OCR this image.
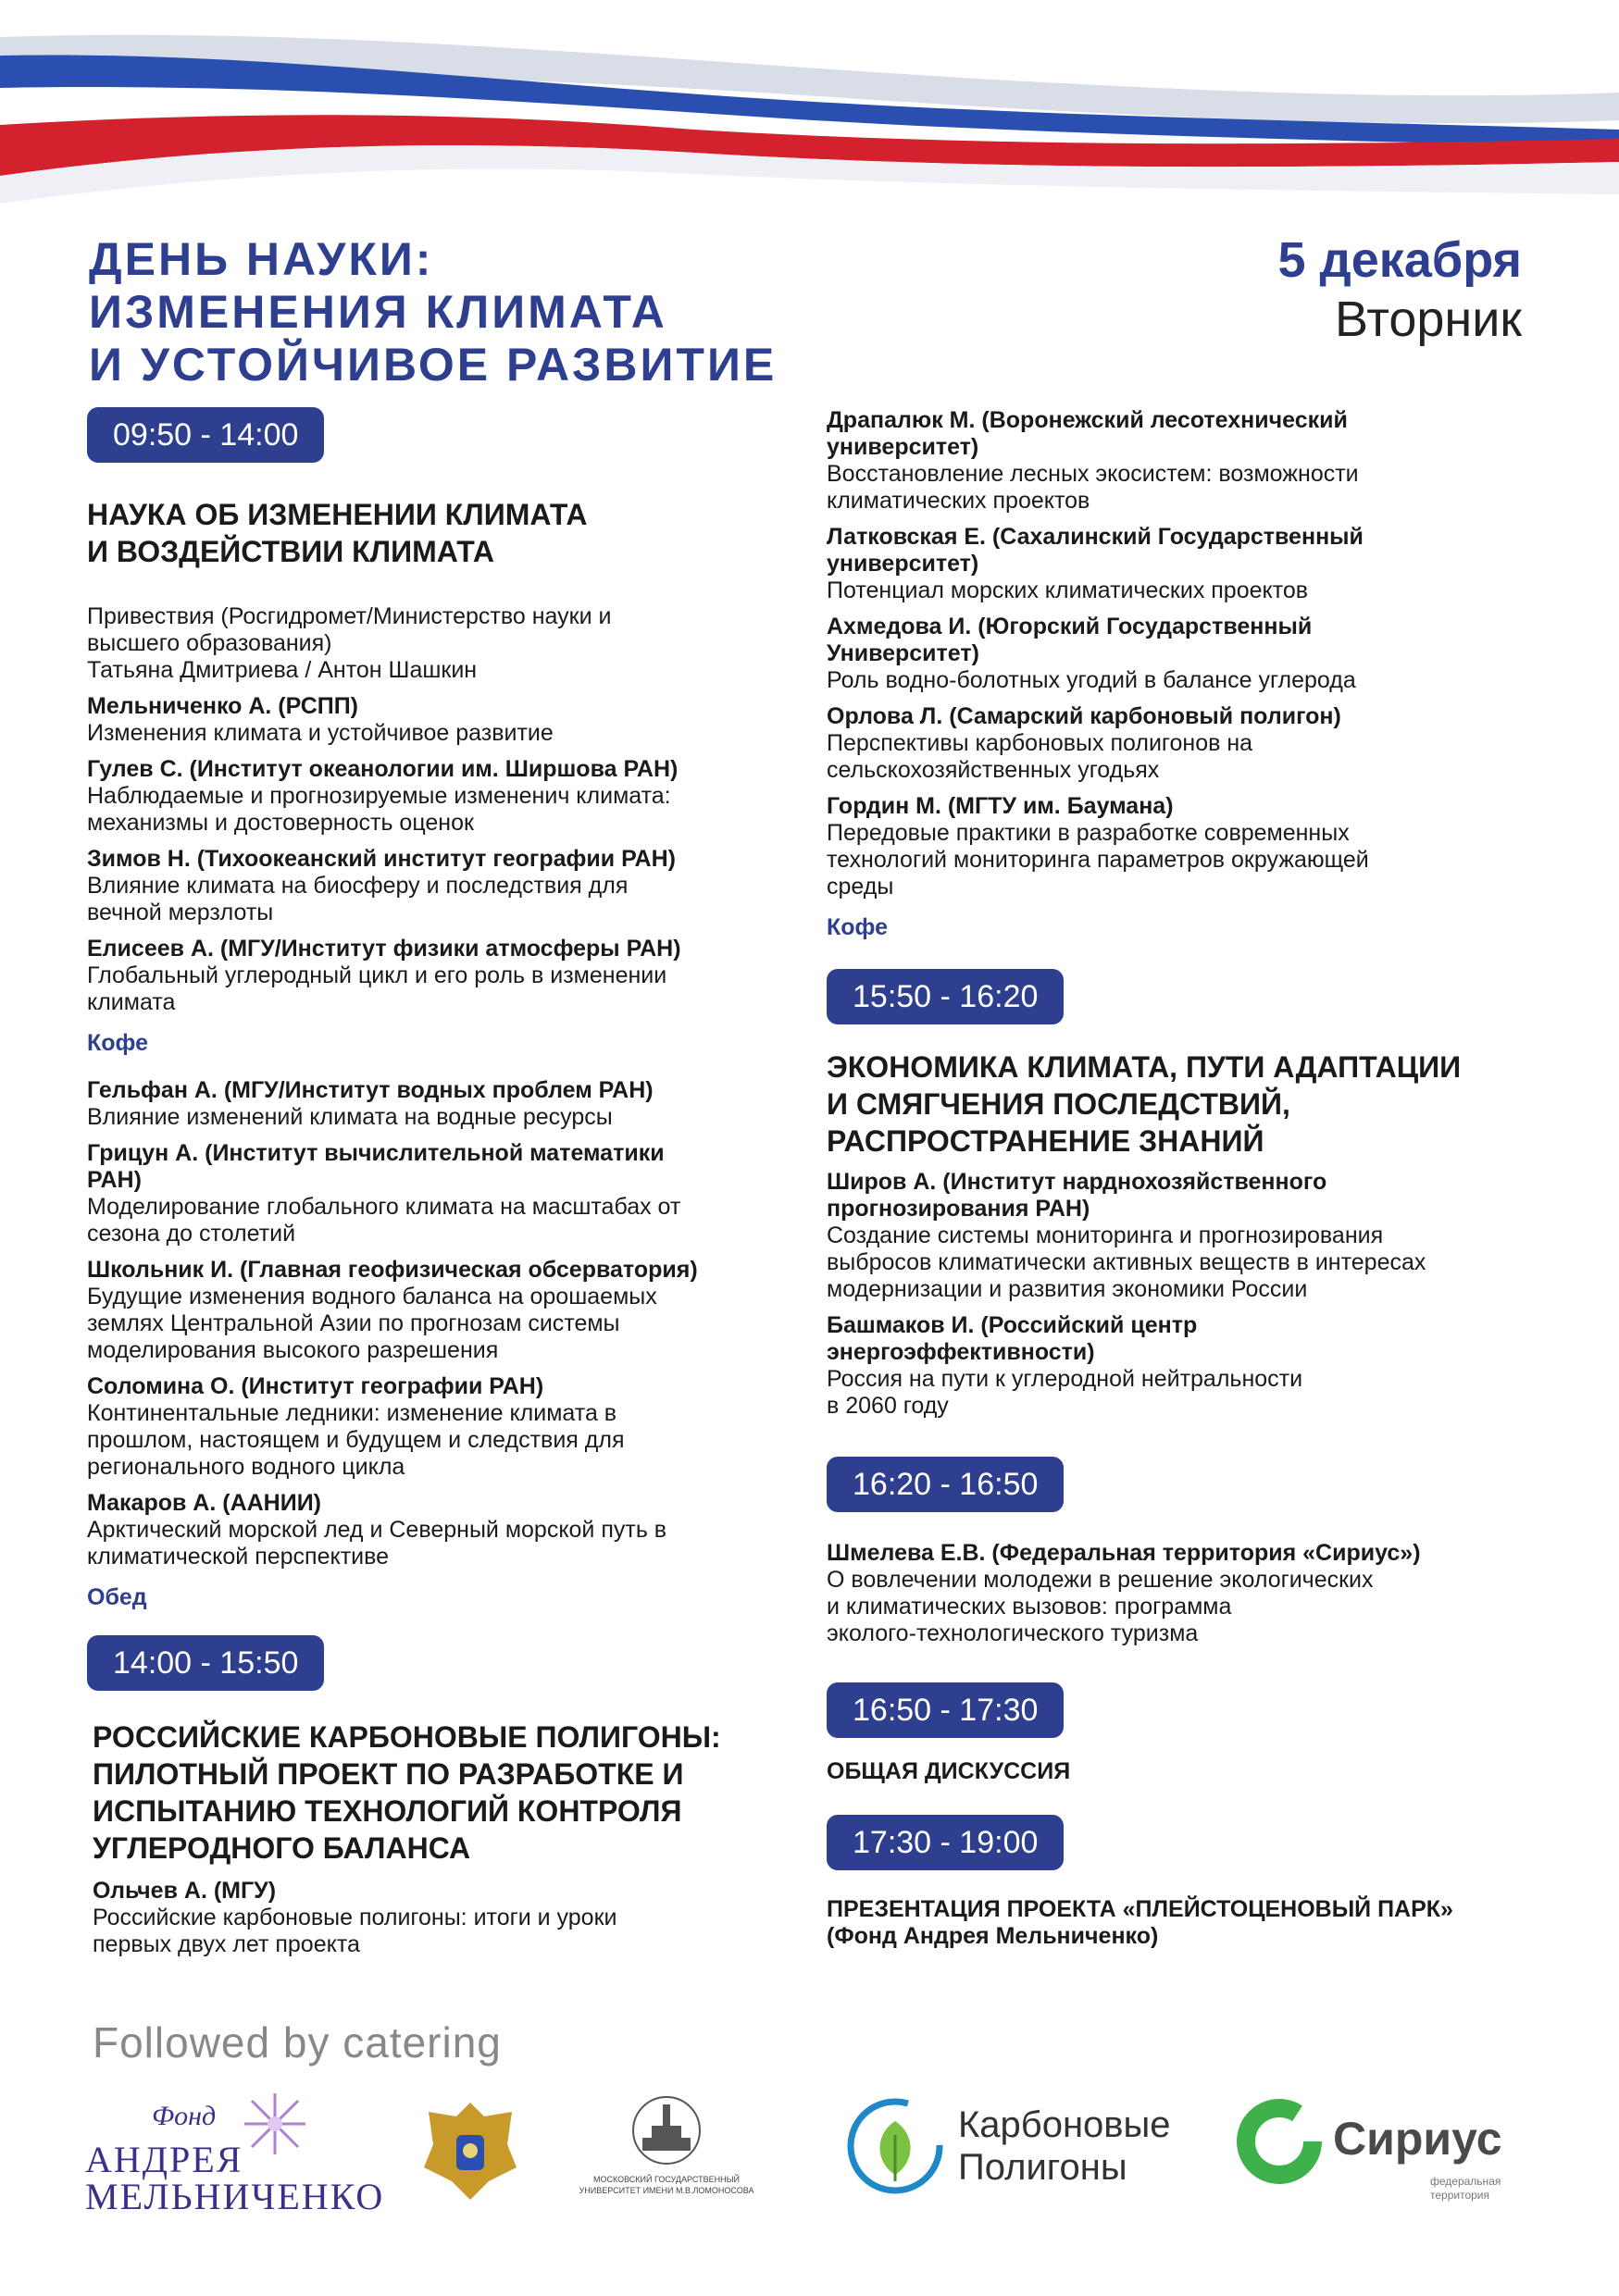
ДЕНЬ НАУКИ:
ИЗМЕНЕНИЯ КЛИМАТА
И УСТОЙЧИВОЕ РАЗВИТИЕ
5 декабря
Вторник
09:50 - 14:00
НАУКА ОБ ИЗМЕНЕНИИ КЛИМАТА
И ВОЗДЕЙСТВИИ КЛИМАТА
Привествия (Росгидромет/Министерство науки и
высшего образования)
Татьяна Дмитриева / Антон Шашкин
Мельниченко А. (РСПП)
Изменения климата и устойчивое развитие
Гулев С. (Институт океанологии им. Ширшова РАН)
Наблюдаемые и прогнозируемые измененич климата:
механизмы и достоверность оценок
Зимов Н. (Тихоокеанский институт географии РАН)
Влияние климата на биосферу и последствия для
вечной мерзлоты
Елисеев А. (МГУ/Институт физики атмосферы РАН)
Глобальный углеродный цикл и его роль в изменении
климата
Кофе
Гельфан А. (МГУ/Институт водных проблем РАН)
Влияние изменений климата на водные ресурсы
Грицун А. (Институт вычислительной математики
РАН)
Моделирование глобального климата на масштабах от
сезона до столетий
Школьник И. (Главная геофизическая обсерватория)
Будущие изменения водного баланса на орошаемых
землях Центральной Азии по прогнозам системы
моделирования высокого разрешения
Соломина О. (Институт географии РАН)
Континентальные ледники: изменение климата в
прошлом, настоящем и будущем и следствия для
регионального водного цикла
Макаров А. (ААНИИ)
Арктический морской лед и Северный морской путь в
климатической перспективе
Обед
14:00 - 15:50
РОССИЙСКИЕ КАРБОНОВЫЕ ПОЛИГОНЫ:
ПИЛОТНЫЙ ПРОЕКТ ПО РАЗРАБОТКЕ И
ИСПЫТАНИЮ ТЕХНОЛОГИЙ КОНТРОЛЯ
УГЛЕРОДНОГО БАЛАНСА
Ольчев А. (МГУ)
Российские карбоновые полигоны: итоги и уроки
первых двух лет проекта
Драпалюк М. (Воронежский лесотехнический
университет)
Восстановление лесных экосистем: возможности
климатических проектов
Латковская Е. (Сахалинский Государственный
университет)
Потенциал морских климатических проектов
Ахмедова И. (Югорский Государственный
Университет)
Роль водно-болотных угодий в балансе углерода
Орлова Л. (Самарский карбоновый полигон)
Перспективы карбоновых полигонов на
сельскохозяйственных угодьях
Гордин М. (МГТУ им. Баумана)
Передовые практики в разработке современных
технологий мониторинга параметров окружающей
среды
Кофе
15:50 - 16:20
ЭКОНОМИКА КЛИМАТА, ПУТИ АДАПТАЦИИ
И СМЯГЧЕНИЯ ПОСЛЕДСТВИЙ,
РАСПРОСТРАНЕНИЕ ЗНАНИЙ
Широв А. (Институт нарднохозяйственного
прогнозирования РАН)
Создание системы мониторинга и прогнозирования
выбросов климатически активных веществ в интересах
модернизации и развития экономики России
Башмаков И. (Российский центр
энергоэффективности)
Россия на пути к углеродной нейтральности
в 2060 году
16:20 - 16:50
Шмелева Е.В. (Федеральная территория «Сириус»)
О вовлечении молодежи в решение экологических
и климатических вызовов: программа
эколого-технологического туризма
16:50 - 17:30
ОБЩАЯ ДИСКУССИЯ
17:30 - 19:00
ПРЕЗЕНТАЦИЯ ПРОЕКТА «ПЛЕЙСТОЦЕНОВЫЙ ПАРК»
(Фонд Андрея Мельниченко)
Followed by catering
Фонд
АНДРЕЯ
МЕЛЬНИЧЕНКО	МОСКОВСКИЙ ГОСУДАРСТВЕННЫЙ
УНИВЕРСИТЕТ ИМЕНИ М.В.ЛОМОНОСОВА
Карбоновые
Полигоны
Сириус
федеральная
территория
